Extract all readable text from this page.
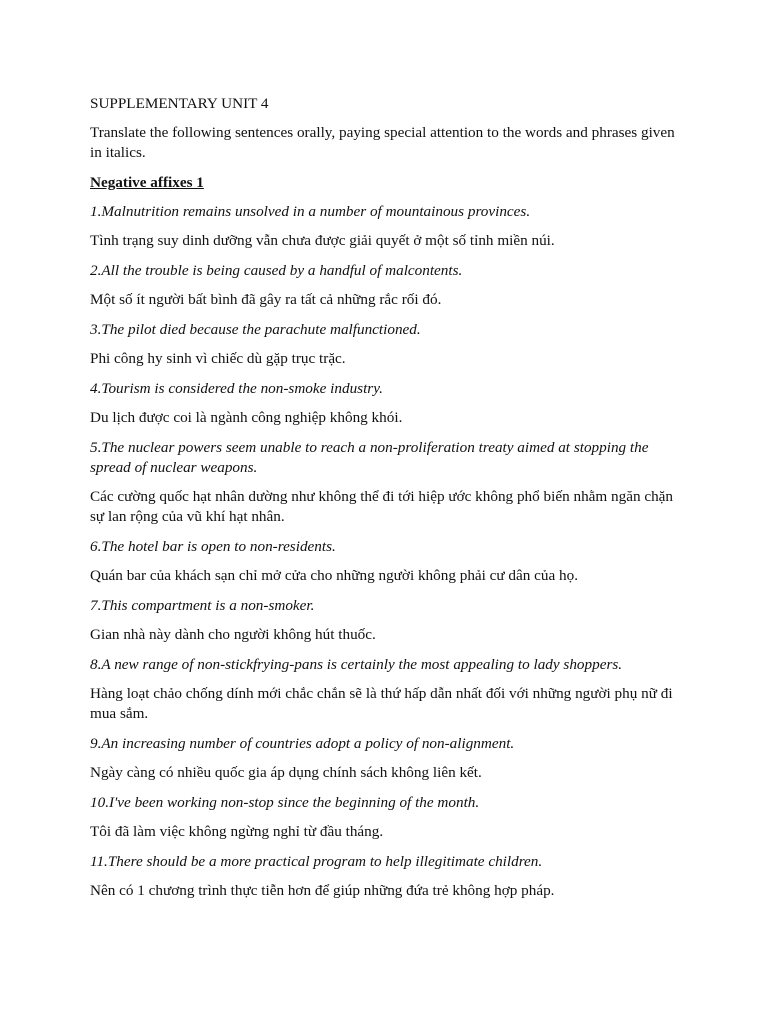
SUPPLEMENTARY UNIT 4

Translate the following sentences orally, paying special attention to the words and phrases given in italics.

Negative affixes 1

1.Malnutrition remains unsolved in a number of mountainous provinces.

Tình trạng suy dinh dưỡng vẫn chưa được giải quyết ở một số tỉnh miền núi.

2.All the trouble is being caused by a handful of malcontents.

Một số ít người bất bình đã gây ra tất cả những rắc rối đó.

3.The pilot died because the parachute malfunctioned.

Phi công hy sinh vì chiếc dù gặp trục trặc.

4.Tourism is considered the non-smoke industry.

Du lịch được coi là ngành công nghiệp không khói.

5.The nuclear powers seem unable to reach a non-proliferation treaty aimed at stopping the spread of nuclear weapons.

Các cường quốc hạt nhân dường như không thể đi tới hiệp ước không phổ biến nhằm ngăn chặn sự lan rộng của vũ khí hạt nhân.

6.The hotel bar is open to non-residents.

Quán bar của khách sạn chỉ mở cửa cho những người không phải cư dân của họ.

7.This compartment is a non-smoker.

Gian nhà này dành cho người không hút thuốc.

8.A new range of non-stickfrying-pans is certainly the most appealing to lady shoppers.

Hàng loạt chảo chống dính mới chắc chắn sẽ là thứ hấp dẫn nhất đối với những người phụ nữ đi mua sắm.

9.An increasing number of countries adopt a policy of non-alignment.

Ngày càng có nhiều quốc gia áp dụng chính sách không liên kết.

10.I've been working non-stop since the beginning of the month.

Tôi đã làm việc không ngừng nghỉ từ đầu tháng.

11.There should be a more practical program to help illegitimate children.

Nên có 1 chương trình thực tiễn hơn để giúp những đứa trẻ không hợp pháp.
